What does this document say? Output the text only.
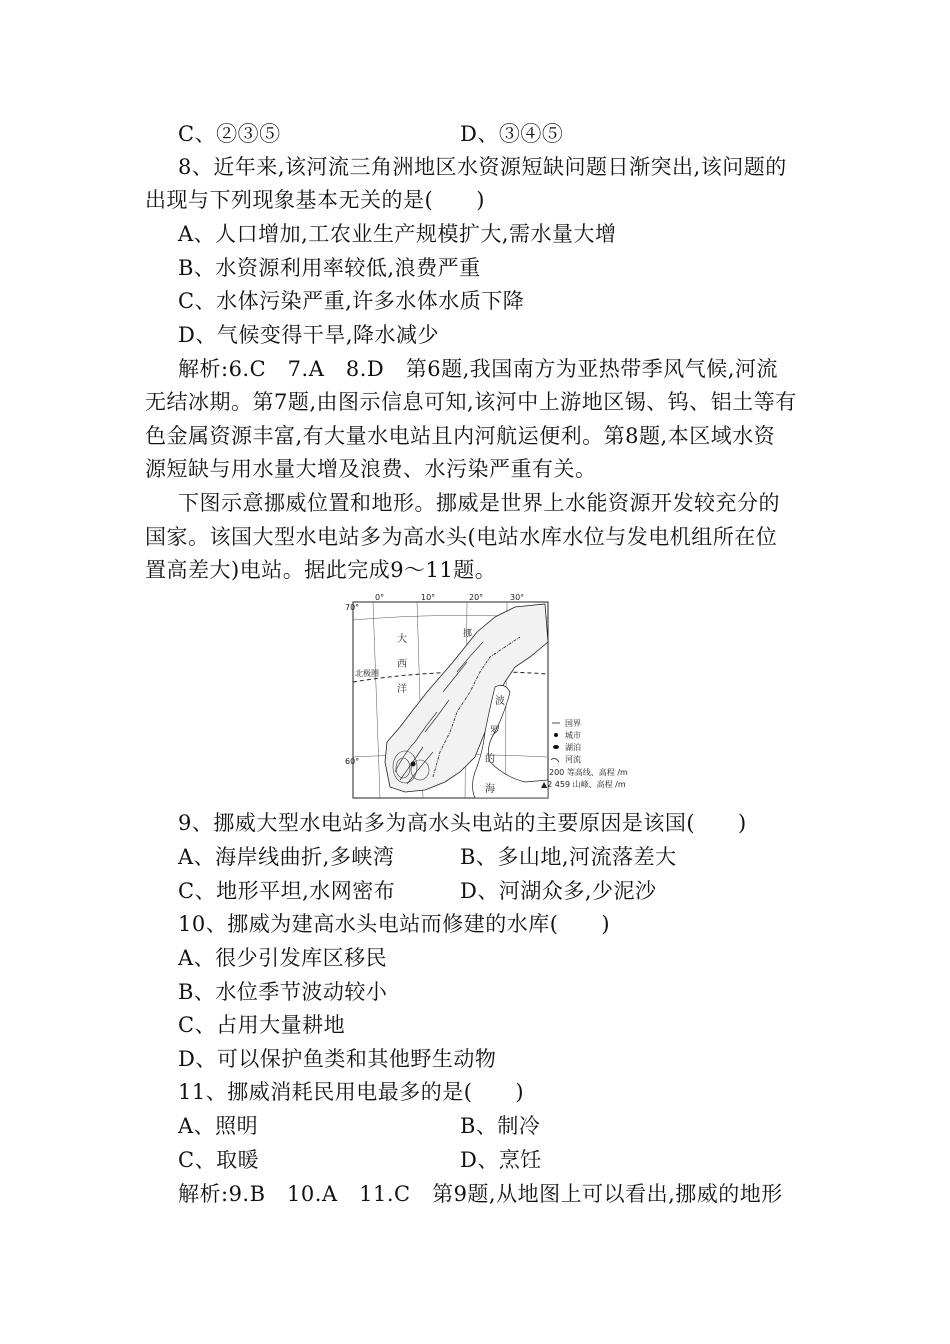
C、②③⑤	D、③④⑤
8、近年来,该河流三角洲地区水资源短缺问题日渐突出,该问题的
出现与下列现象基本无关的是(　　)
A、人口增加,工农业生产规模扩大,需水量大增
B、水资源利用率较低,浪费严重
C、水体污染严重,许多水体水质下降
D、气候变得干旱,降水减少
解析:6.C　7.A　8.D　第6题,我国南方为亚热带季风气候,河流
无结冰期。第7题,由图示信息可知,该河中上游地区锡、钨、铝土等有
色金属资源丰富,有大量水电站且内河航运便利。第8题,本区域水资
源短缺与用水量大增及浪费、水污染严重有关。
下图示意挪威位置和地形。挪威是世界上水能资源开发较充分的
国家。该国大型水电站多为高水头(电站水库水位与发电机组所在位
置高差大)电站。据此完成9～11题。
0°	10°	20°	30°
70°
60°
北极圈
大
西
洋
挪
波
罗
的
海
国界
城市
湖泊
河流
200 等高线、高程 /m
▲2 459 山峰、高程 /m
9、挪威大型水电站多为高水头电站的主要原因是该国(　　)
A、海岸线曲折,多峡湾	B、多山地,河流落差大
C、地形平坦,水网密布	D、河湖众多,少泥沙
10、挪威为建高水头电站而修建的水库(　　)
A、很少引发库区移民
B、水位季节波动较小
C、占用大量耕地
D、可以保护鱼类和其他野生动物
11、挪威消耗民用电最多的是(　　)
A、照明	B、制冷
C、取暖	D、烹饪
解析:9.B　10.A　11.C　第9题,从地图上可以看出,挪威的地形
